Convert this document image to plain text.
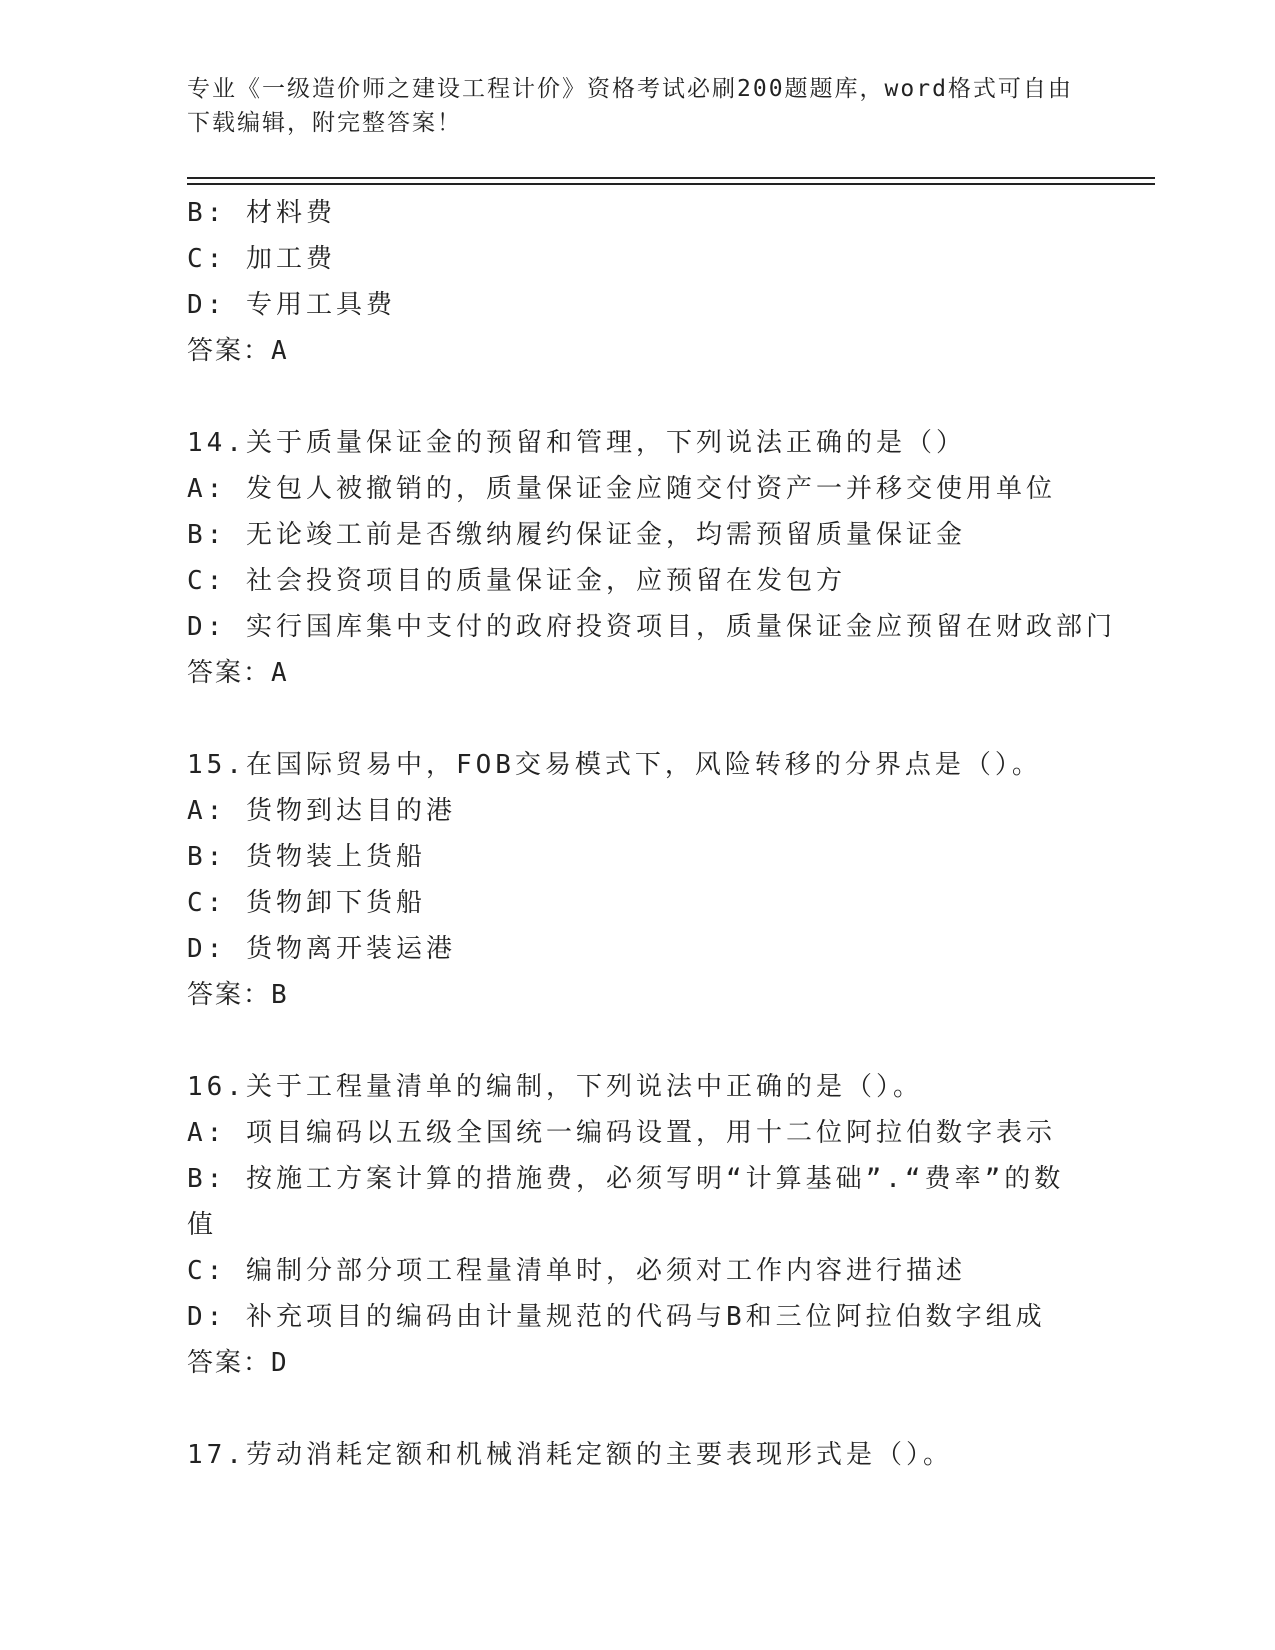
专业《一级造价师之建设工程计价》资格考试必刷200题题库，word格式可自由
下载编辑，附完整答案！
B: 材料费
C: 加工费
D: 专用工具费
答案：A
14.关于质量保证金的预留和管理，下列说法正确的是（）
A: 发包人被撤销的，质量保证金应随交付资产一并移交使用单位
B: 无论竣工前是否缴纳履约保证金，均需预留质量保证金
C: 社会投资项目的质量保证金，应预留在发包方
D: 实行国库集中支付的政府投资项目，质量保证金应预留在财政部门
答案：A
15.在国际贸易中，FOB交易模式下，风险转移的分界点是（）。
A: 货物到达目的港
B: 货物装上货船
C: 货物卸下货船
D: 货物离开装运港
答案：B
16.关于工程量清单的编制，下列说法中正确的是（）。
A: 项目编码以五级全国统一编码设置，用十二位阿拉伯数字表示
B: 按施工方案计算的措施费，必须写明“计算基础”.“费率”的数
值
C: 编制分部分项工程量清单时，必须对工作内容进行描述
D: 补充项目的编码由计量规范的代码与B和三位阿拉伯数字组成
答案：D
17.劳动消耗定额和机械消耗定额的主要表现形式是（）。
